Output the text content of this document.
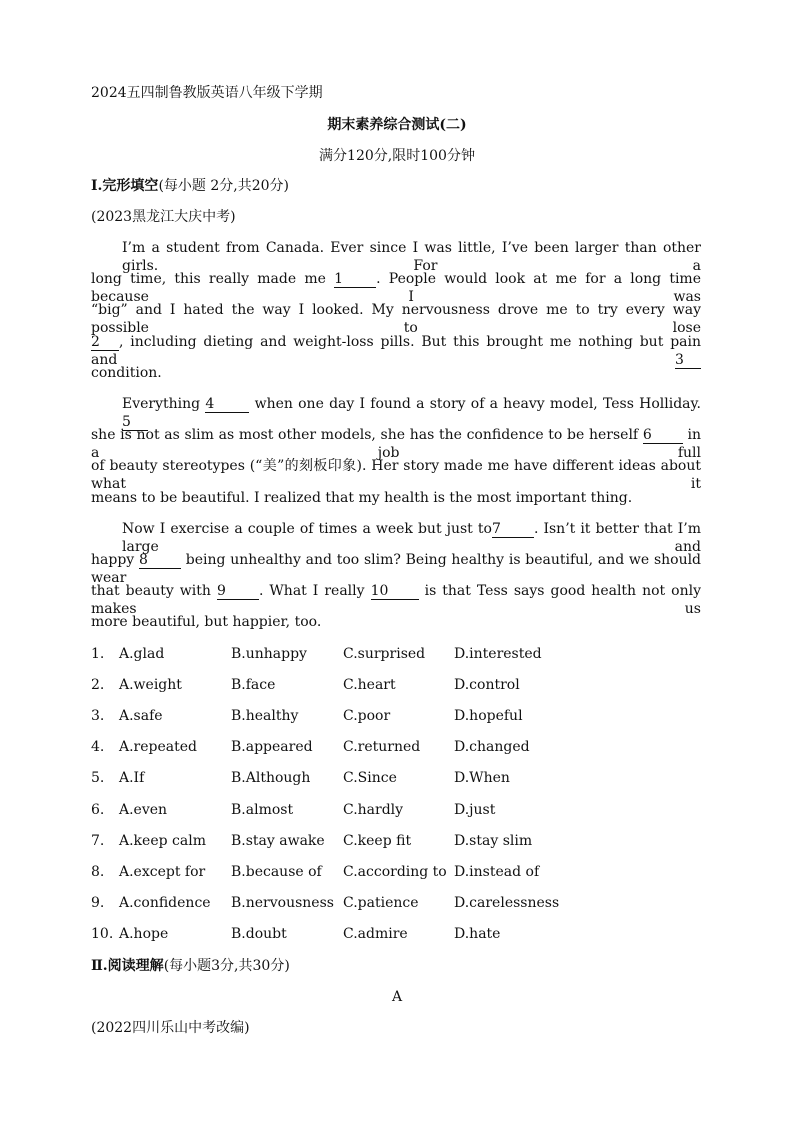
2024五四制鲁教版英语八年级下学期
期末素养综合测试(二)
满分120分,限时100分钟
Ⅰ.完形填空(每小题 2分,共20分)
(2023黑龙江大庆中考)
I’m a student from Canada. Ever since I was little, I’ve been larger than other girls. For a
long time, this really made me 1 . People would look at me for a long time because I was
“big” and I hated the way I looked. My nervousness drove me to try every way possible to lose
2 , including dieting and weight-loss pills. But this brought me nothing but pain and	3
condition.
Everything 4	when one day I found a story of a heavy model, Tess Holliday. 5
she is not as slim as most other models, she has the confidence to be herself 6	in a job full
of beauty stereotypes (“美”的刻板印象). Her story made me have different ideas about what it
means to be beautiful. I realized that my health is the most important thing.
Now I exercise a couple of times a week but just to7 . Isn’t it better that I’m large and
happy 8	being unhealthy and too slim? Being healthy is beautiful, and we should wear
that beauty with 9 . What I really 10	is that Tess says good health not only makes us
more beautiful, but happier, too.
1. A.glad	B.unhappy	C.surprised D.interested
2. A.weight	B.face	C.heart	D.control
3. A.safe	B.healthy	C.poor	D.hopeful
4. A.repeated B.appeared C.returned D.changed
5. A.If	B.Although C.Since	D.When
6. A.even	B.almost	C.hardly	D.just
7. A.keep calm B.stay awake C.keep fit	D.stay slim
8. A.except for B.because of C.according to D.instead of
9. A.confidence B.nervousness C.patience	D.carelessness
10. A.hope	B.doubt	C.admire	D.hate
Ⅱ.阅读理解(每小题3分,共30分)
A
(2022四川乐山中考改编)
